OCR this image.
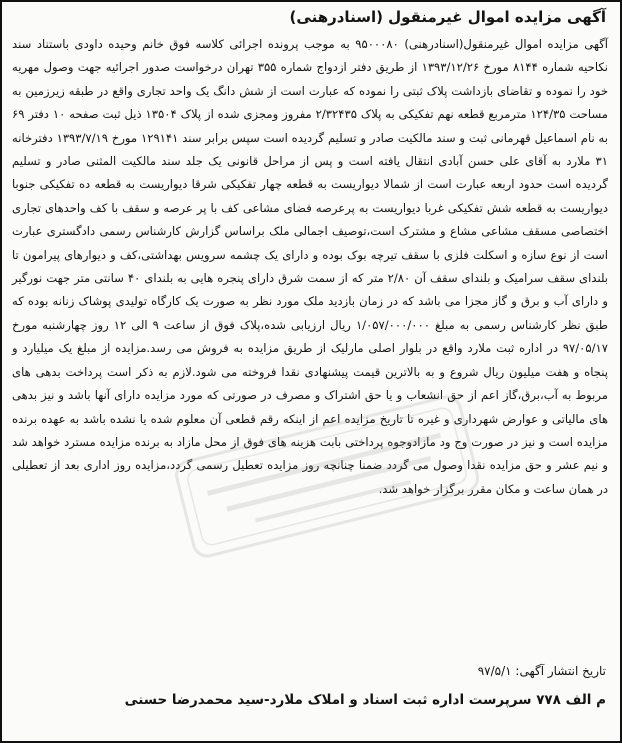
آگهی مزایده اموال غیرمنقول (اسنادرهنی)

آگهی مزایده اموال غیرمنقول(اسنادرهنی) ۹۵۰۰۰۸۰ به موجب پرونده اجرائی کلاسه فوق خانم وحیده داودی باستناد سند نکاحیه شماره ۸۱۴۴ مورخ ۱۳۹۳/۱۲/۲۶ از طریق دفتر ازدواج شماره ۳۵۵ تهران درخواست صدور اجرائیه جهت وصول مهریه خود را نموده و تقاضای بازداشت پلاک ثبتی را نموده که عبارت است از شش دانگ یک واحد تجاری واقع در طبقه زیرزمین به مساحت ۱۲۴/۳۵ مترمربع قطعه نهم تفکیکی به پلاک ۲/۳۲۴۳۵ مفروز ومجزی شده از پلاک ۱۳۵۰۴ ذیل ثبت صفحه ۱۰ دفتر ۶۹ به نام اسماعیل قهرمانی ثبت و سند مالکیت صادر و تسلیم گردیده است سپس برابر سند ۱۲۹۱۴۱ مورخ ۱۳۹۳/۷/۱۹ دفترخانه ۳۱ ملارد به آقای علی حسن آبادی انتقال یافته است و پس از مراحل قانونی یک جلد سند مالکیت المثنی صادر و تسلیم گردیده است حدود اربعه عبارت است از شمالا دیواریست به قطعه چهار تفکیکی شرقا دیواریست به قطعه ده تفکیکی جنوبا دیواریست به قطعه شش تفکیکی غربا دیواریست به پرعرصه فضای مشاعی کف با پر عرصه و سقف با کف واحدهای تجاری اختصاصی مسقف مشاعی مشاع و مشترک است،توصیف اجمالی ملک براساس گزارش کارشناس رسمی دادگستری عبارت است از نوع سازه و اسکلت فلزی با سقف تیرچه بوک بوده و دارای یک چشمه سرویس بهداشتی،کف و دیوارهای پیرامون تا بلندای سقف سرامیک و بلندای سقف آن ۲/۸۰ متر که از سمت شرق دارای پنجره هایی به بلندای ۴۰ سانتی متر جهت نورگیر و دارای آب و برق و گاز مجزا می باشد که در زمان بازدید ملک مورد نظر به صورت یک کارگاه تولیدی پوشاک زنانه بوده که طبق نظر کارشناس رسمی به مبلغ ۱/۰۵۷/۰۰۰/۰۰۰ ریال ارزیابی شده،پلاک فوق از ساعت ۹ الی ۱۲ روز چهارشنبه مورخ ۹۷/۰۵/۱۷ در اداره ثبت ملارد واقع در بلوار اصلی مارلیک از طریق مزایده به فروش می رسد.مزایده از مبلغ یک میلیارد و پنجاه و هفت میلیون ریال شروع و به بالاترین قیمت پیشنهادی نقدا فروخته می شود.لازم به ذکر است پرداخت بدهی های مربوط به آب،برق،گاز اعم از حق انشعاب و یا حق اشتراک و مصرف در صورتی که مورد مزایده دارای آنها باشد و نیز بدهی های مالیاتی و عوارض شهرداری و غیره تا تاریخ مزایده اعم از اینکه رقم قطعی آن معلوم شده یا نشده باشد به عهده برنده مزایده است و نیز در صورت وج ود مازادوجوه پرداختی بابت هزینه های فوق از محل مازاد به برنده مزایده مسترد خواهد شد و نیم عشر و حق مزایده نقدا وصول می گردد ضمنا چنانچه روز مزایده تعطیل رسمی گردد،مزایده روز اداری بعد از تعطیلی در همان ساعت و مکان مقرر برگزار خواهد شد.

تاریخ انتشار آگهی: ۹۷/۵/۱
م الف ۷۷۸ سرپرست اداره ثبت اسناد و املاک ملارد-سید محمدرضا حسنی
